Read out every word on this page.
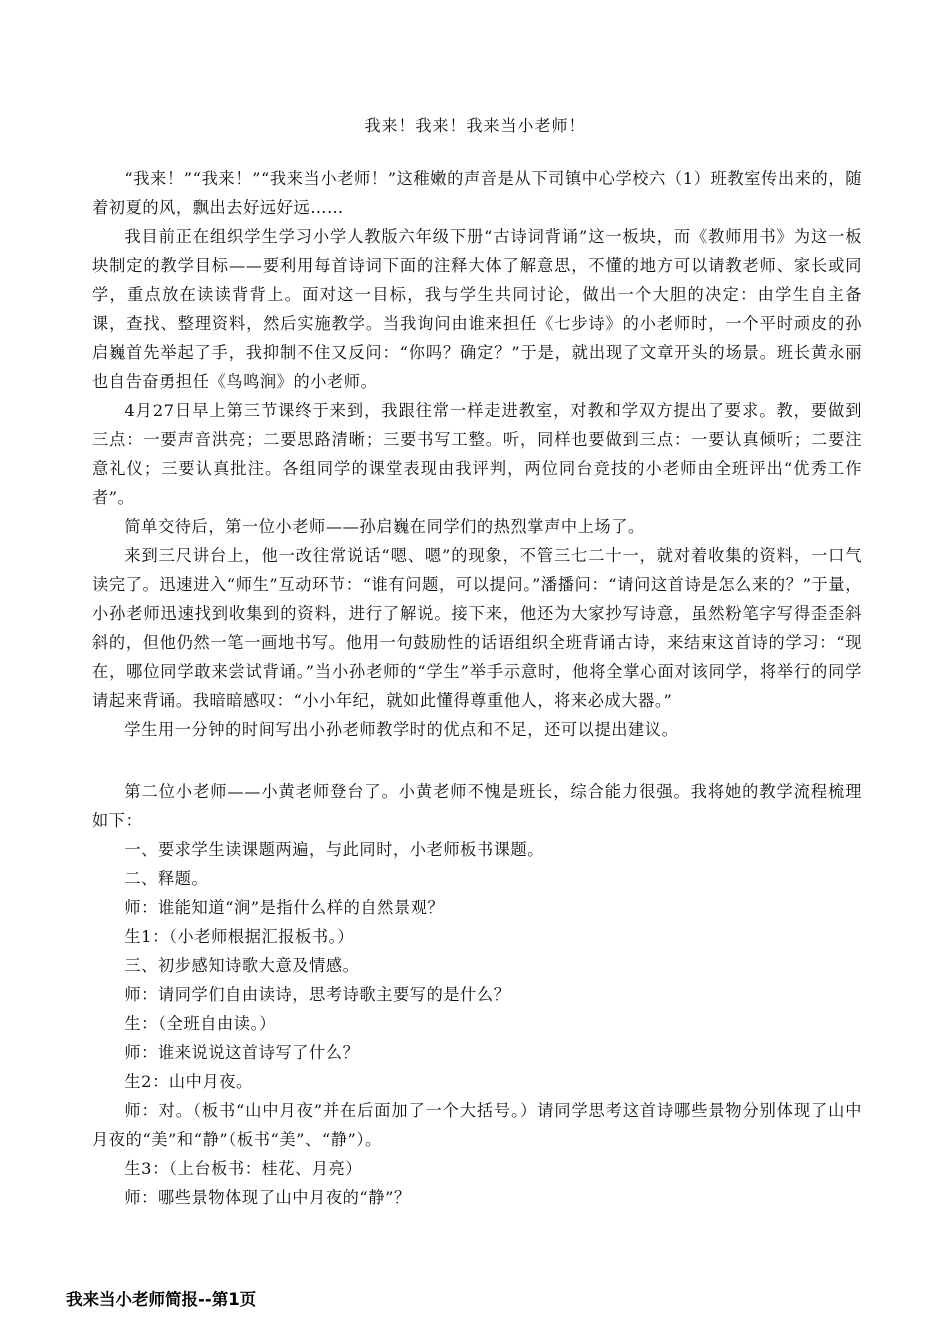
我来！我来！我来当小老师！

“我来！”“我来！”“我来当小老师！”这稚嫩的声音是从下司镇中心学校六（1）班教室传出来的，随着初夏的风，飘出去好远好远……

我目前正在组织学生学习小学人教版六年级下册“古诗词背诵”这一板块，而《教师用书》为这一板块制定的教学目标——要利用每首诗词下面的注释大体了解意思，不懂的地方可以请教老师、家长或同学，重点放在读读背背上。面对这一目标，我与学生共同讨论，做出一个大胆的决定：由学生自主备课，查找、整理资料，然后实施教学。当我询问由谁来担任《七步诗》的小老师时，一个平时顽皮的孙启巍首先举起了手，我抑制不住又反问：“你吗？确定？”于是，就出现了文章开头的场景。班长黄永丽也自告奋勇担任《鸟鸣涧》的小老师。

4月27日早上第三节课终于来到，我跟往常一样走进教室，对教和学双方提出了要求。教，要做到三点：一要声音洪亮；二要思路清晰；三要书写工整。听，同样也要做到三点：一要认真倾听；二要注意礼仪；三要认真批注。各组同学的课堂表现由我评判，两位同台竞技的小老师由全班评出“优秀工作者”。

简单交待后，第一位小老师——孙启巍在同学们的热烈掌声中上场了。

来到三尺讲台上，他一改往常说话“嗯、嗯”的现象，不管三七二十一，就对着收集的资料，一口气读完了。迅速进入“师生”互动环节：“谁有问题，可以提问。”潘播问：“请问这首诗是怎么来的？”于量，小孙老师迅速找到收集到的资料，进行了解说。接下来，他还为大家抄写诗意，虽然粉笔字写得歪歪斜斜的，但他仍然一笔一画地书写。他用一句鼓励性的话语组织全班背诵古诗，来结束这首诗的学习：“现在，哪位同学敢来尝试背诵。”当小孙老师的“学生”举手示意时，他将全掌心面对该同学，将举行的同学请起来背诵。我暗暗感叹：“小小年纪，就如此懂得尊重他人，将来必成大器。”

学生用一分钟的时间写出小孙老师教学时的优点和不足，还可以提出建议。

第二位小老师——小黄老师登台了。小黄老师不愧是班长，综合能力很强。我将她的教学流程梳理如下：

一、要求学生读课题两遍，与此同时，小老师板书课题。

二、释题。

师：谁能知道“涧”是指什么样的自然景观？

生1：（小老师根据汇报板书。）

三、初步感知诗歌大意及情感。

师：请同学们自由读诗，思考诗歌主要写的是什么？

生：（全班自由读。）

师：谁来说说这首诗写了什么？

生2：山中月夜。

师：对。（板书“山中月夜”并在后面加了一个大括号。）请同学思考这首诗哪些景物分别体现了山中月夜的“美”和“静”（板书“美”、“静”）。

生3：（上台板书：桂花、月亮）

师：哪些景物体现了山中月夜的“静”？

我来当小老师简报--第1页
